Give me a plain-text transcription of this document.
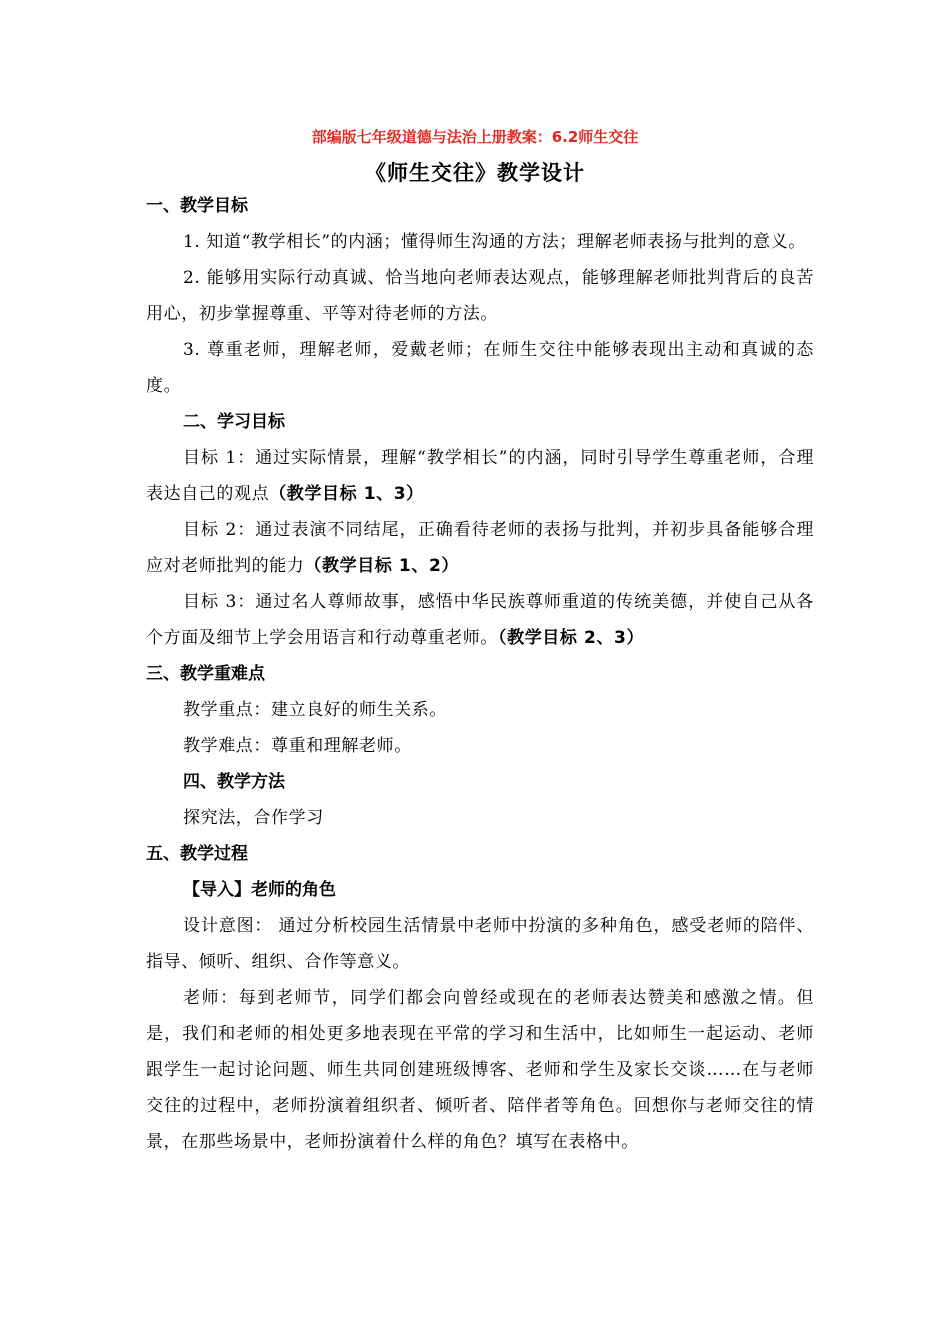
部编版七年级道德与法治上册教案：6.2师生交往
《师生交往》教学设计

一、教学目标

1. 知道“教学相长”的内涵；懂得师生沟通的方法；理解老师表扬与批判的意义。

2. 能够用实际行动真诚、恰当地向老师表达观点，能够理解老师批判背后的良苦用心，初步掌握尊重、平等对待老师的方法。

3. 尊重老师，理解老师，爱戴老师；在师生交往中能够表现出主动和真诚的态度。

二、学习目标

目标 1：通过实际情景，理解“教学相长”的内涵，同时引导学生尊重老师，合理表达自己的观点（教学目标 1、3）

目标 2：通过表演不同结尾，正确看待老师的表扬与批判，并初步具备能够合理应对老师批判的能力（教学目标 1、2）

目标 3：通过名人尊师故事，感悟中华民族尊师重道的传统美德，并使自己从各个方面及细节上学会用语言和行动尊重老师。（教学目标 2、3）

三、教学重难点

教学重点：建立良好的师生关系。

教学难点：尊重和理解老师。

四、教学方法

探究法，合作学习

五、教学过程

【导入】老师的角色

设计意图： 通过分析校园生活情景中老师中扮演的多种角色，感受老师的陪伴、指导、倾听、组织、合作等意义。

老师：每到老师节，同学们都会向曾经或现在的老师表达赞美和感激之情。但是，我们和老师的相处更多地表现在平常的学习和生活中，比如师生一起运动、老师跟学生一起讨论问题、师生共同创建班级博客、老师和学生及家长交谈……在与老师交往的过程中，老师扮演着组织者、倾听者、陪伴者等角色。回想你与老师交往的情景，在那些场景中，老师扮演着什么样的角色？填写在表格中。
